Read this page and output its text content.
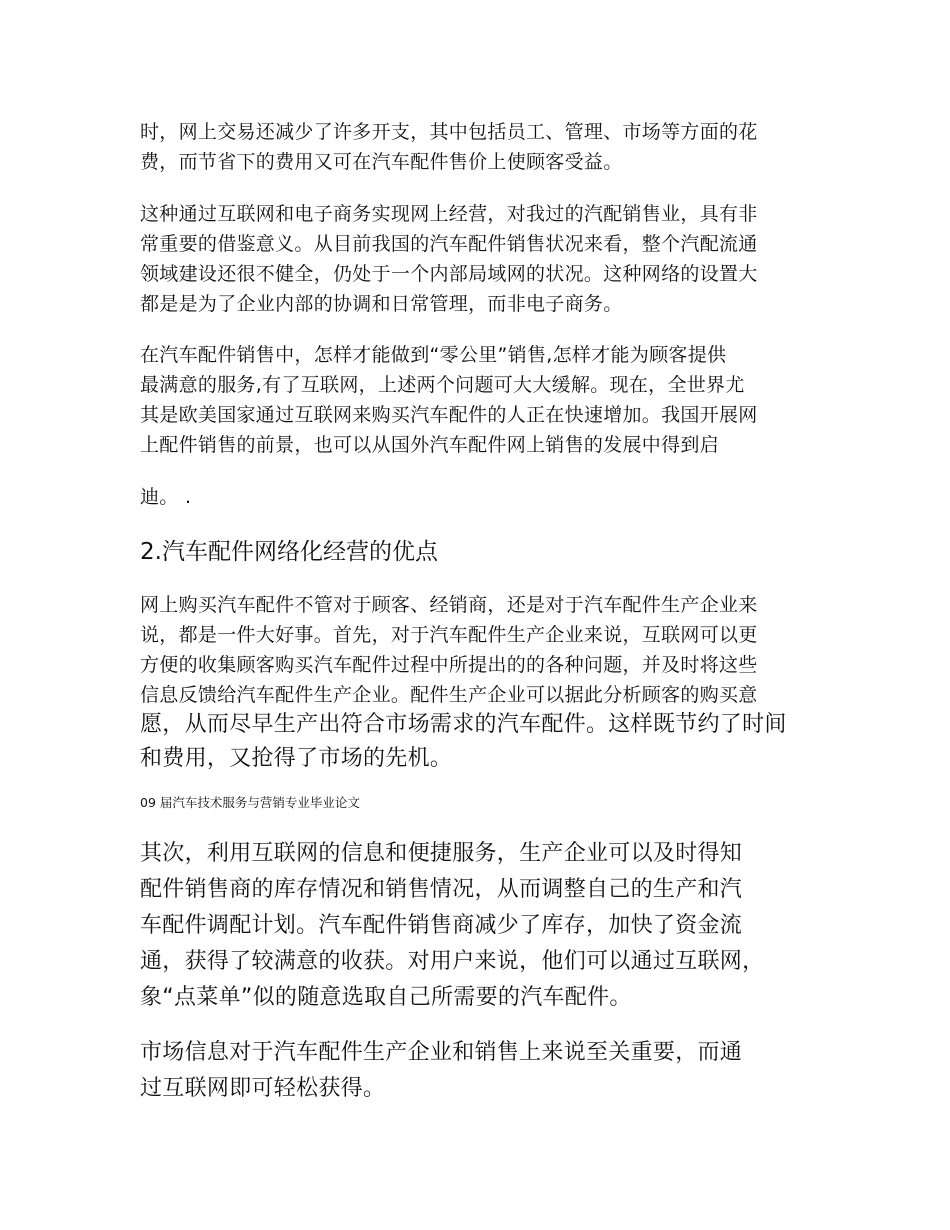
时，网上交易还减少了许多开支，其中包括员工、管理、市场等方面的花
费，而节省下的费用又可在汽车配件售价上使顾客受益。
这种通过互联网和电子商务实现网上经营，对我过的汽配销售业，具有非
常重要的借鉴意义。从目前我国的汽车配件销售状况来看，整个汽配流通
领域建设还很不健全，仍处于一个内部局域网的状况。这种网络的设置大
都是是为了企业内部的协调和日常管理，而非电子商务。
在汽车配件销售中，怎样才能做到“零公里”销售,怎样才能为顾客提供
最满意的服务,有了互联网，上述两个问题可大大缓解。现在，全世界尤
其是欧美国家通过互联网来购买汽车配件的人正在快速增加。我国开展网
上配件销售的前景，也可以从国外汽车配件网上销售的发展中得到启
迪。 .
2.汽车配件网络化经营的优点
网上购买汽车配件不管对于顾客、经销商，还是对于汽车配件生产企业来
说，都是一件大好事。首先，对于汽车配件生产企业来说，互联网可以更
方便的收集顾客购买汽车配件过程中所提出的的各种问题，并及时将这些
信息反馈给汽车配件生产企业。配件生产企业可以据此分析顾客的购买意
愿，从而尽早生产出符合市场需求的汽车配件。这样既节约了时间
和费用，又抢得了市场的先机。
09 届汽车技术服务与营销专业毕业论文
其次，利用互联网的信息和便捷服务，生产企业可以及时得知
配件销售商的库存情况和销售情况，从而调整自己的生产和汽
车配件调配计划。汽车配件销售商减少了库存，加快了资金流
通，获得了较满意的收获。对用户来说，他们可以通过互联网，
象“点菜单”似的随意选取自己所需要的汽车配件。
市场信息对于汽车配件生产企业和销售上来说至关重要，而通
过互联网即可轻松获得。
